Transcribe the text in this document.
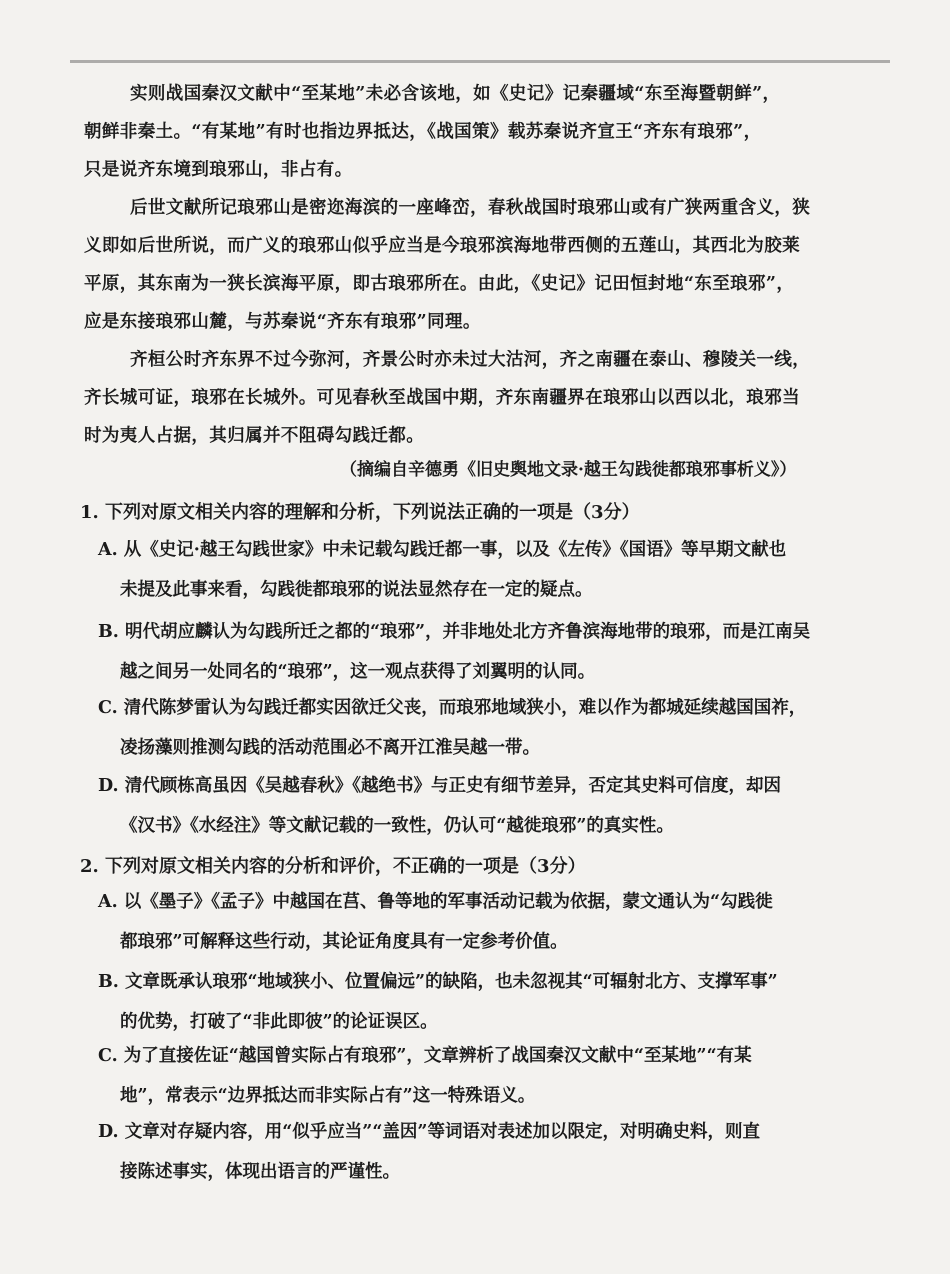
实则战国秦汉文献中“至某地”未必含该地，如《史记》记秦疆域“东至海暨朝鲜”，
朝鲜非秦土。“有某地”有时也指边界抵达，《战国策》载苏秦说齐宣王“齐东有琅邪”，
只是说齐东境到琅邪山，非占有。
后世文献所记琅邪山是密迩海滨的一座峰峦，春秋战国时琅邪山或有广狭两重含义，狭
义即如后世所说，而广义的琅邪山似乎应当是今琅邪滨海地带西侧的五莲山，其西北为胶莱
平原，其东南为一狭长滨海平原，即古琅邪所在。由此，《史记》记田恒封地“东至琅邪”，
应是东接琅邪山麓，与苏秦说“齐东有琅邪”同理。
齐桓公时齐东界不过今弥河，齐景公时亦未过大沽河，齐之南疆在泰山、穆陵关一线，
齐长城可证，琅邪在长城外。可见春秋至战国中期，齐东南疆界在琅邪山以西以北，琅邪当
时为夷人占据，其归属并不阻碍勾践迁都。
（摘编自辛德勇《旧史舆地文录·越王勾践徙都琅邪事析义》）
1. 下列对原文相关内容的理解和分析，下列说法正确的一项是（3分）
A. 从《史记·越王勾践世家》中未记载勾践迁都一事，以及《左传》《国语》等早期文献也
未提及此事来看，勾践徙都琅邪的说法显然存在一定的疑点。
B. 明代胡应麟认为勾践所迁之都的“琅邪”，并非地处北方齐鲁滨海地带的琅邪，而是江南吴
越之间另一处同名的“琅邪”，这一观点获得了刘翼明的认同。
C. 清代陈梦雷认为勾践迁都实因欲迁父丧，而琅邪地域狭小，难以作为都城延续越国国祚，
凌扬藻则推测勾践的活动范围必不离开江淮吴越一带。
D. 清代顾栋高虽因《吴越春秋》《越绝书》与正史有细节差异，否定其史料可信度，却因
《汉书》《水经注》等文献记载的一致性，仍认可“越徙琅邪”的真实性。
2. 下列对原文相关内容的分析和评价，不正确的一项是（3分）
A. 以《墨子》《孟子》中越国在莒、鲁等地的军事活动记载为依据，蒙文通认为“勾践徙
都琅邪”可解释这些行动，其论证角度具有一定参考价值。
B. 文章既承认琅邪“地域狭小、位置偏远”的缺陷，也未忽视其“可辐射北方、支撑军事”
的优势，打破了“非此即彼”的论证误区。
C. 为了直接佐证“越国曾实际占有琅邪”，文章辨析了战国秦汉文献中“至某地”“有某
地”，常表示“边界抵达而非实际占有”这一特殊语义。
D. 文章对存疑内容，用“似乎应当”“盖因”等词语对表述加以限定，对明确史料，则直
接陈述事实，体现出语言的严谨性。
